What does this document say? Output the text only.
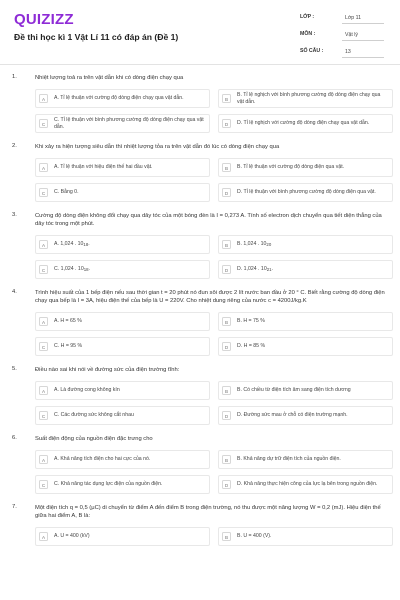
QUIZIZZ
Đề thi học kì 1 Vật Lí 11 có đáp án (Đề 1)
LỚP :	Lớp 11
MÔN :	Vật lý
SỐ CÂU :	13
1.	Nhiệt lượng toả ra trên vật dẫn khi có dòng điện chạy qua
A	A. Tỉ lệ thuận với cường độ dòng điện chạy qua vật dẫn.	B
B. Tỉ lệ nghịch với bình phương cường độ dòng điện chạy qua vật dẫn.
C
C. Tỉ lệ thuận với bình phương cường độ dòng điện chạy qua vật dẫn.	D	D. Tỉ lệ nghịch với cường độ dòng điện chạy qua vật dẫn.
2.	Khi xảy ra hiện tượng siêu dẫn thì nhiệt lượng tỏa ra trên vật dẫn đó lúc có dòng điện chạy qua
A	A. Tỉ lệ thuận với hiệu điện thế hai đầu vật.	B	B. Tỉ lệ thuận với cường độ dòng điện qua vật.
C	C. Bằng 0.	D	D. Tỉ lệ thuận với bình phương cường độ dòng điện qua vật.
3.	Cường độ dòng điện không đổi chạy qua dây tóc của một bóng đèn là I = 0,273 A. Tính số electron dịch chuyển qua tiết diện thẳng của dây tóc trong một phút.
A	A. 1,024 . 10 18 .	B	B. 1,024 . 10 20
C	C. 1,024 . 10 18 .	D	D. 1,024 . 10 21 .
4.	Trình hiệu suất của 1 bếp điện nếu sau thời gian t = 20 phút nó đun sôi được 2 lít nước ban đầu ở 20 ° C. Biết rằng cường độ dòng điện chạy qua bếp là I = 3A, hiệu điện thế của bếp là U = 220V. Cho nhiệt dung riêng của nước c = 4200J/kg.K
A	A. H = 65 %	B	B. H = 75 %
C	C. H = 95 %	D	D. H = 85 %
5.	Điều nào sai khi nói về đường sức của điện trường tĩnh:
A	A. Là đường cong không kín	B	B. Có chiều từ điện tích âm sang điện tích dương
C	C. Các đường sức không cắt nhau	D	D. Đường sức mau ở chỗ có điện trường mạnh.
6.	Suất điện động của nguồn điện đặc trưng cho
A	A. Khả năng tích điện cho hai cực của nó.	B	B. Khả năng dự trữ điện tích của nguồn điện.
C	C. Khả năng tác dụng lực điện của nguồn điện.	D	D. Khả năng thực hiện công của lực lạ bên trong nguồn điện.
7.	Một điện tích q = 0,5 (μC) di chuyển từ điểm A đến điểm B trong điện trường, nó thu được một năng lượng W = 0,2 (mJ). Hiệu điện thế giữa hai điểm A, B là:
A	A. U = 400 (kV)	B	B. U = 400 (V).
